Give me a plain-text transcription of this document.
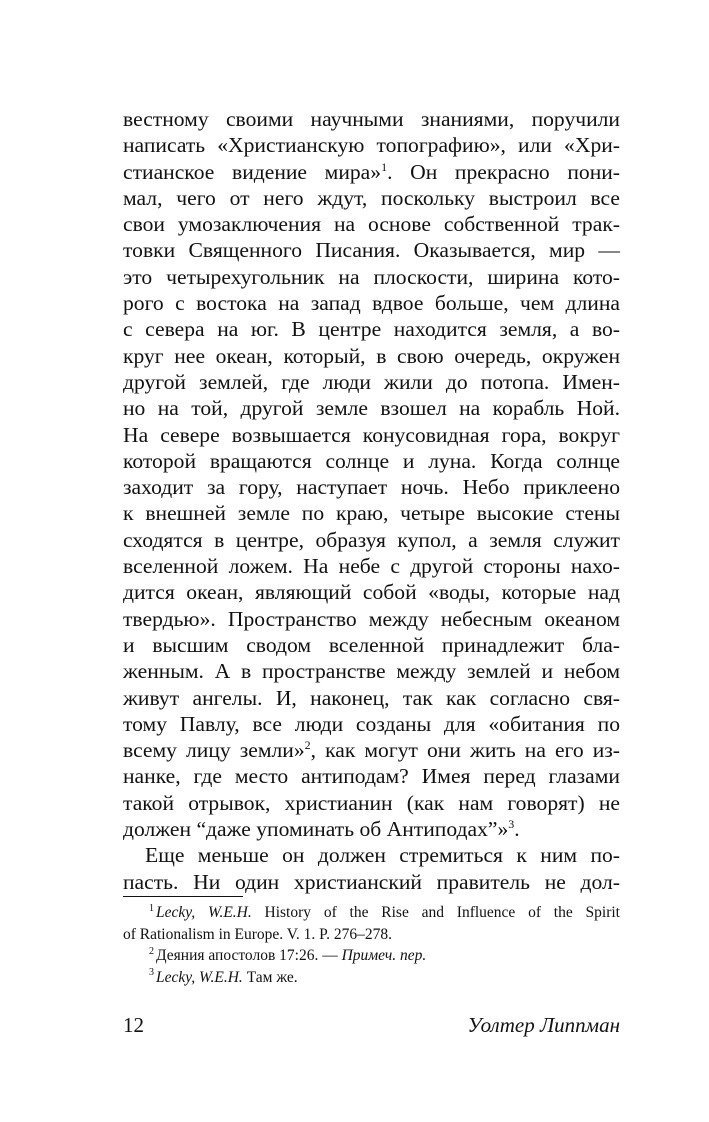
вестному своими научными знаниями, поручили
написать «Христианскую топографию», или «Хри-
стианское видение мира»$^1$. Он прекрасно пони-
мал, чего от него ждут, поскольку выстроил все
свои умозаключения на основе собственной трак-
товки Священного Писания. Оказывается, мир —
это четырехугольник на плоскости, ширина кото-
рого с востока на запад вдвое больше, чем длина
с севера на юг. В центре находится земля, а во-
круг нее океан, который, в свою очередь, окружен
другой землей, где люди жили до потопа. Имен-
но на той, другой земле взошел на корабль Ной.
На севере возвышается конусовидная гора, вокруг
которой вращаются солнце и луна. Когда солнце
заходит за гору, наступает ночь. Небо приклеено
к внешней земле по краю, четыре высокие стены
сходятся в центре, образуя купол, а земля служит
вселенной ложем. На небе с другой стороны нахо-
дится океан, являющий собой «воды, которые над
твердью». Пространство между небесным океаном
и высшим сводом вселенной принадлежит бла-
женным. А в пространстве между землей и небом
живут ангелы. И, наконец, так как согласно свя-
тому Павлу, все люди созданы для «обитания по
всему лицу земли»$^2$, как могут они жить на его из-
нанке, где место антиподам? Имея перед глазами
такой отрывок, христианин (как нам говорят) не
должен “даже упоминать об Антиподах”»$^3$.
Еще меньше он должен стремиться к ним по-
пасть. Ни один христианский правитель не дол-
$^1$ Lecky, W.E.H. History of the Rise and Influence of the Spirit
of Rationalism in Europe. V. 1. P. 276–278.
$^2$ Деяния апостолов 17:26. — Примеч. пер.
$^3$ Lecky, W.E.H. Там же.
12	Уолтер Липпман
